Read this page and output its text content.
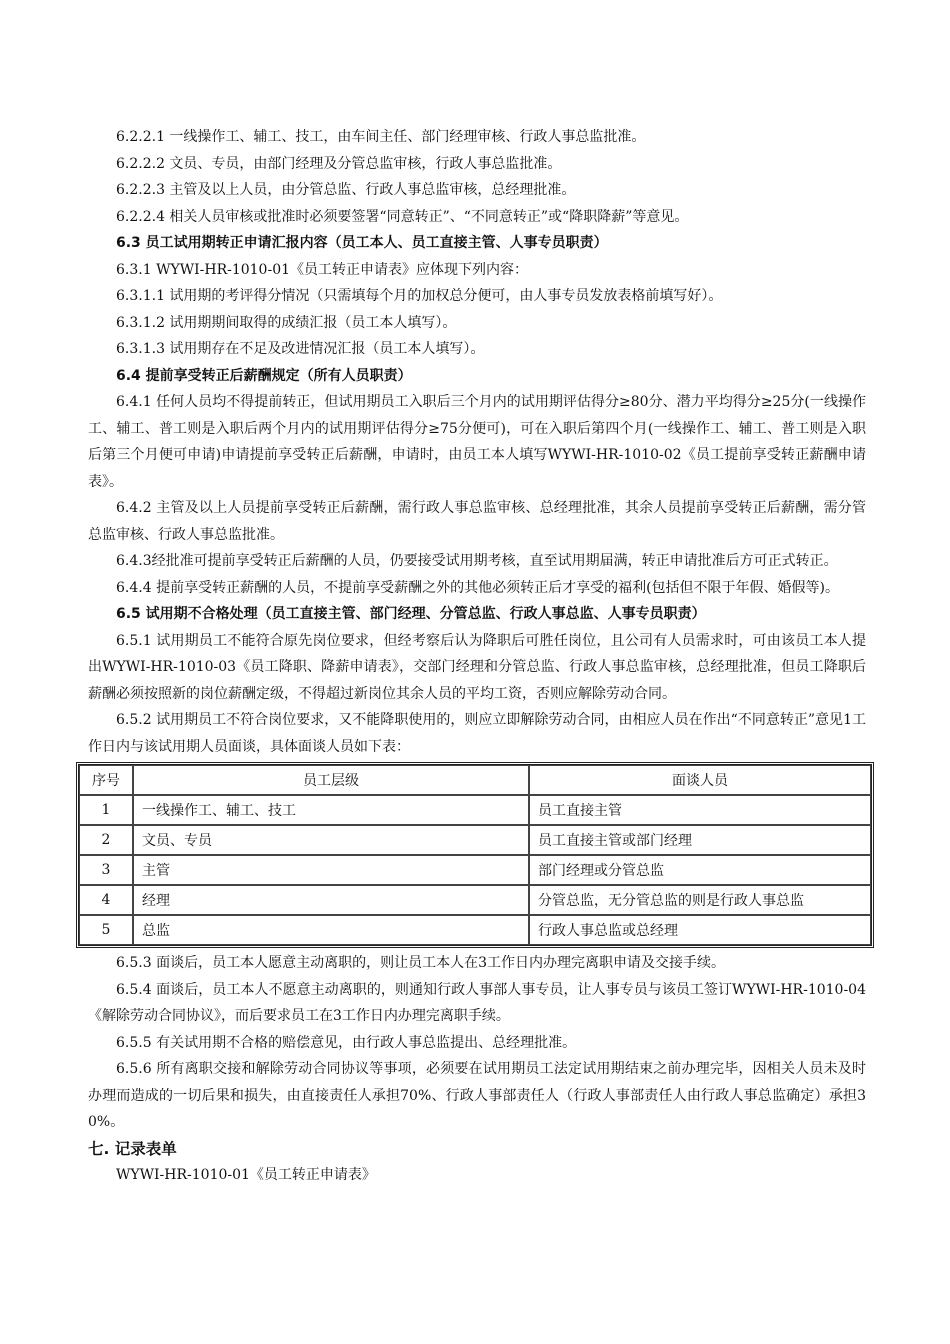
6.2.2.1 一线操作工、辅工、技工，由车间主任、部门经理审核、行政人事总监批准。

6.2.2.2 文员、专员，由部门经理及分管总监审核，行政人事总监批准。

6.2.2.3 主管及以上人员，由分管总监、行政人事总监审核，总经理批准。

6.2.2.4 相关人员审核或批准时必须要签署“同意转正”、“不同意转正”或“降职降薪”等意见。

6.3 员工试用期转正申请汇报内容（员工本人、员工直接主管、人事专员职责）

6.3.1 WYWI-HR-1010-01《员工转正申请表》应体现下列内容：

6.3.1.1 试用期的考评得分情况（只需填每个月的加权总分便可，由人事专员发放表格前填写好）。

6.3.1.2 试用期期间取得的成绩汇报（员工本人填写）。

6.3.1.3 试用期存在不足及改进情况汇报（员工本人填写）。

6.4 提前享受转正后薪酬规定（所有人员职责）

6.4.1 任何人员均不得提前转正，但试用期员工入职后三个月内的试用期评估得分≥80分、潜力平均得分≥25分(一线操作工、辅工、普工则是入职后两个月内的试用期评估得分≥75分便可)，可在入职后第四个月(一线操作工、辅工、普工则是入职后第三个月便可申请)申请提前享受转正后薪酬，申请时，由员工本人填写WYWI-HR-1010-02《员工提前享受转正薪酬申请表》。

6.4.2 主管及以上人员提前享受转正后薪酬，需行政人事总监审核、总经理批准，其余人员提前享受转正后薪酬，需分管总监审核、行政人事总监批准。

6.4.3经批准可提前享受转正后薪酬的人员，仍要接受试用期考核，直至试用期届满，转正申请批准后方可正式转正。

6.4.4 提前享受转正薪酬的人员，不提前享受薪酬之外的其他必须转正后才享受的福利(包括但不限于年假、婚假等)。

6.5 试用期不合格处理（员工直接主管、部门经理、分管总监、行政人事总监、人事专员职责）

6.5.1 试用期员工不能符合原先岗位要求，但经考察后认为降职后可胜任岗位，且公司有人员需求时，可由该员工本人提出WYWI-HR-1010-03《员工降职、降薪申请表》，交部门经理和分管总监、行政人事总监审核，总经理批准，但员工降职后薪酬必须按照新的岗位薪酬定级，不得超过新岗位其余人员的平均工资，否则应解除劳动合同。

6.5.2 试用期员工不符合岗位要求，又不能降职使用的，则应立即解除劳动合同，由相应人员在作出“不同意转正”意见1工作日内与该试用期人员面谈，具体面谈人员如下表：

序号	员工层级	面谈人员
1	一线操作工、辅工、技工	员工直接主管
2	文员、专员	员工直接主管或部门经理
3	主管	部门经理或分管总监
4	经理	分管总监，无分管总监的则是行政人事总监
5	总监	行政人事总监或总经理

6.5.3 面谈后，员工本人愿意主动离职的，则让员工本人在3工作日内办理完离职申请及交接手续。

6.5.4 面谈后，员工本人不愿意主动离职的，则通知行政人事部人事专员，让人事专员与该员工签订WYWI-HR-1010-04《解除劳动合同协议》，而后要求员工在3工作日内办理完离职手续。

6.5.5 有关试用期不合格的赔偿意见，由行政人事总监提出、总经理批准。

6.5.6 所有离职交接和解除劳动合同协议等事项，必须要在试用期员工法定试用期结束之前办理完毕，因相关人员未及时办理而造成的一切后果和损失，由直接责任人承担70%、行政人事部责任人（行政人事部责任人由行政人事总监确定）承担30%。

七. 记录表单

WYWI-HR-1010-01《员工转正申请表》
